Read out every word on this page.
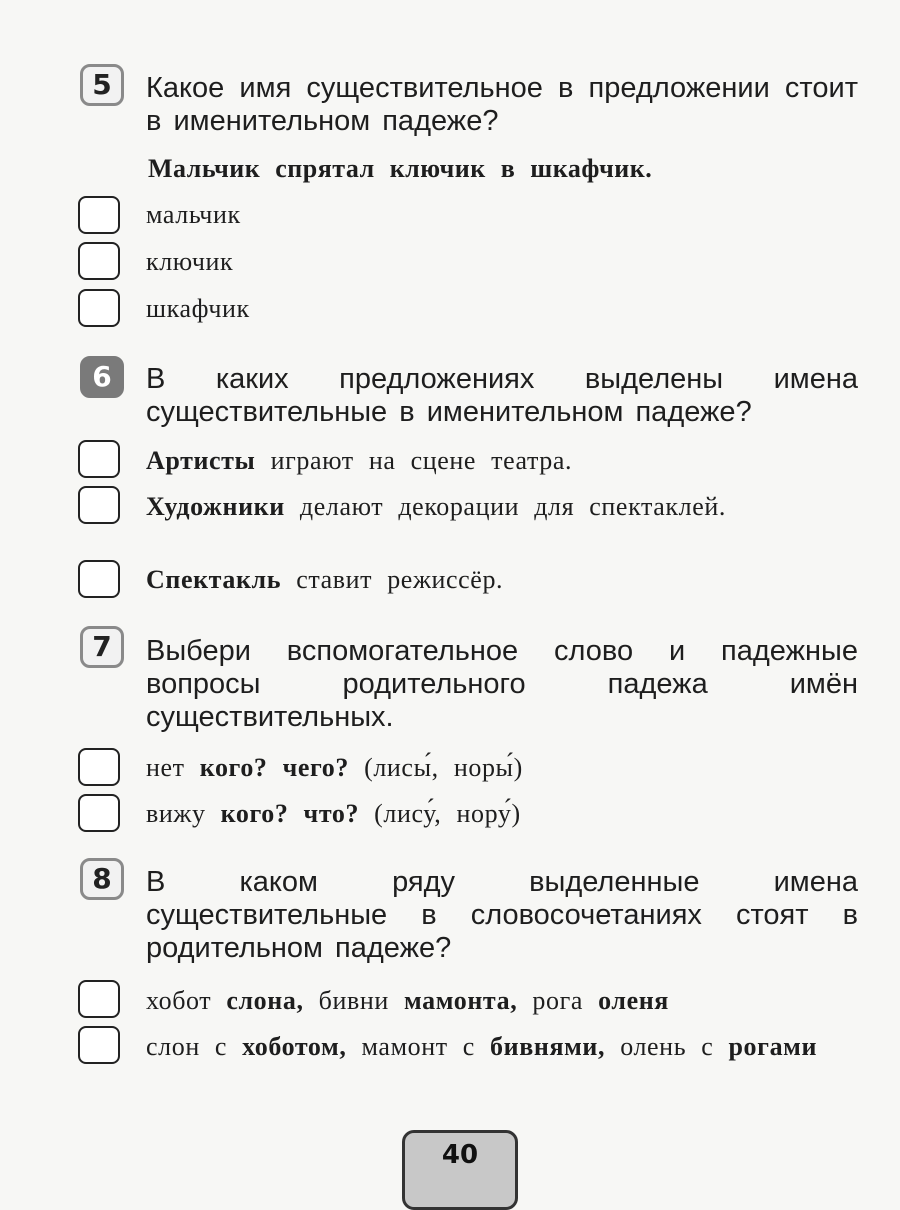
5	Какое имя существительное в предложении стоит в именительном падеже?
Мальчик спрятал ключик в шкафчик.
мальчик
ключик
шкафчик
6	В каких предложениях выделены имена существительные в именительном падеже?
Артисты играют на сцене театра.
Художники делают декорации для спектаклей.
Спектакль ставит режиссёр.
7	Выбери вспомогательное слово и падежные вопросы родительного падежа имён существительных.
нет кого? чего? (лисы́, норы́)
вижу кого? что? (лису́, нору́)
8	В каком ряду выделенные имена существительные в словосочетаниях стоят в родительном падеже?
хобот слона, бивни мамонта, рога оленя
слон с хоботом, мамонт с бивнями, олень с рогами
40
